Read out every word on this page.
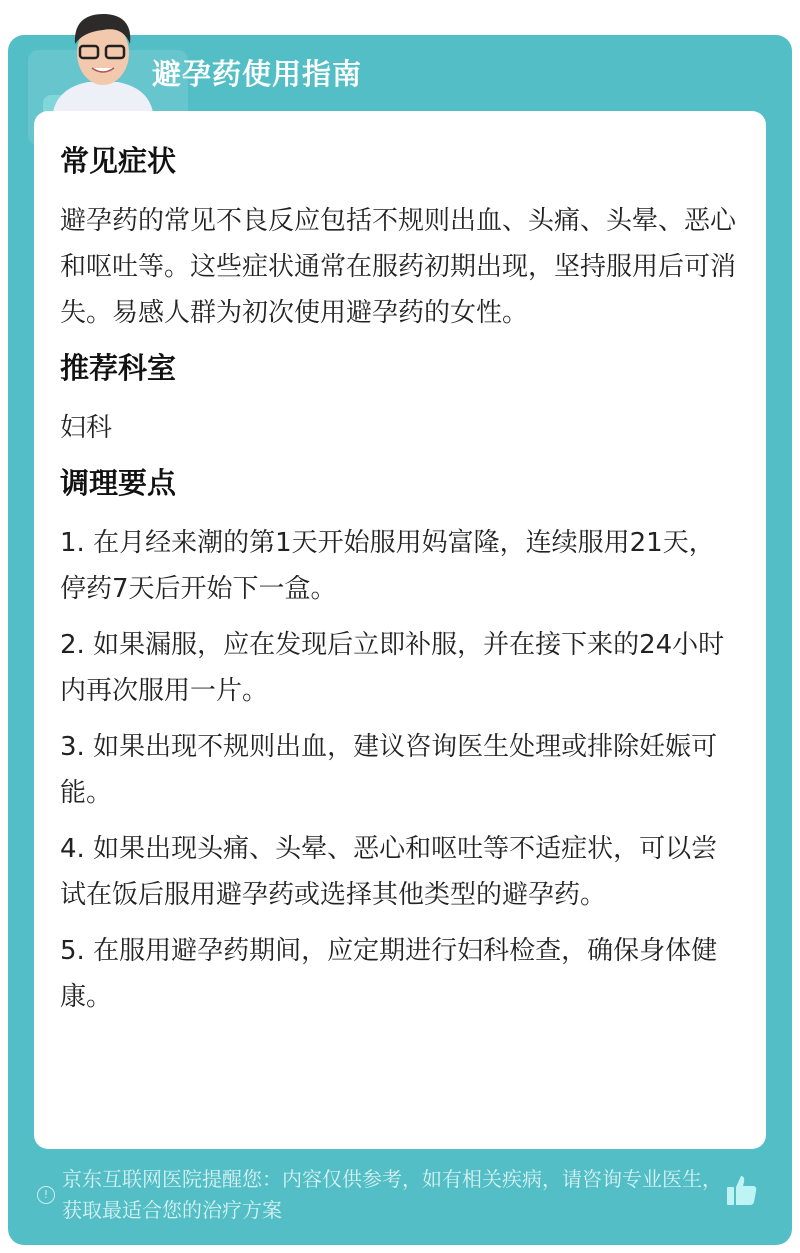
避孕药使用指南
常见症状

避孕药的常见不良反应包括不规则出血、头痛、头晕、恶心和呕吐等。这些症状通常在服药初期出现，坚持服用后可消失。易感人群为初次使用避孕药的女性。

推荐科室

妇科

调理要点

1. 在月经来潮的第1天开始服用妈富隆，连续服用21天，停药7天后开始下一盒。

2. 如果漏服，应在发现后立即补服，并在接下来的24小时内再次服用一片。

3. 如果出现不规则出血，建议咨询医生处理或排除妊娠可能。

4. 如果出现头痛、头晕、恶心和呕吐等不适症状，可以尝试在饭后服用避孕药或选择其他类型的避孕药。

5. 在服用避孕药期间，应定期进行妇科检查，确保身体健康。

!
京东互联网医院提醒您：内容仅供参考，如有相关疾病，请咨询专业医生，获取最适合您的治疗方案
